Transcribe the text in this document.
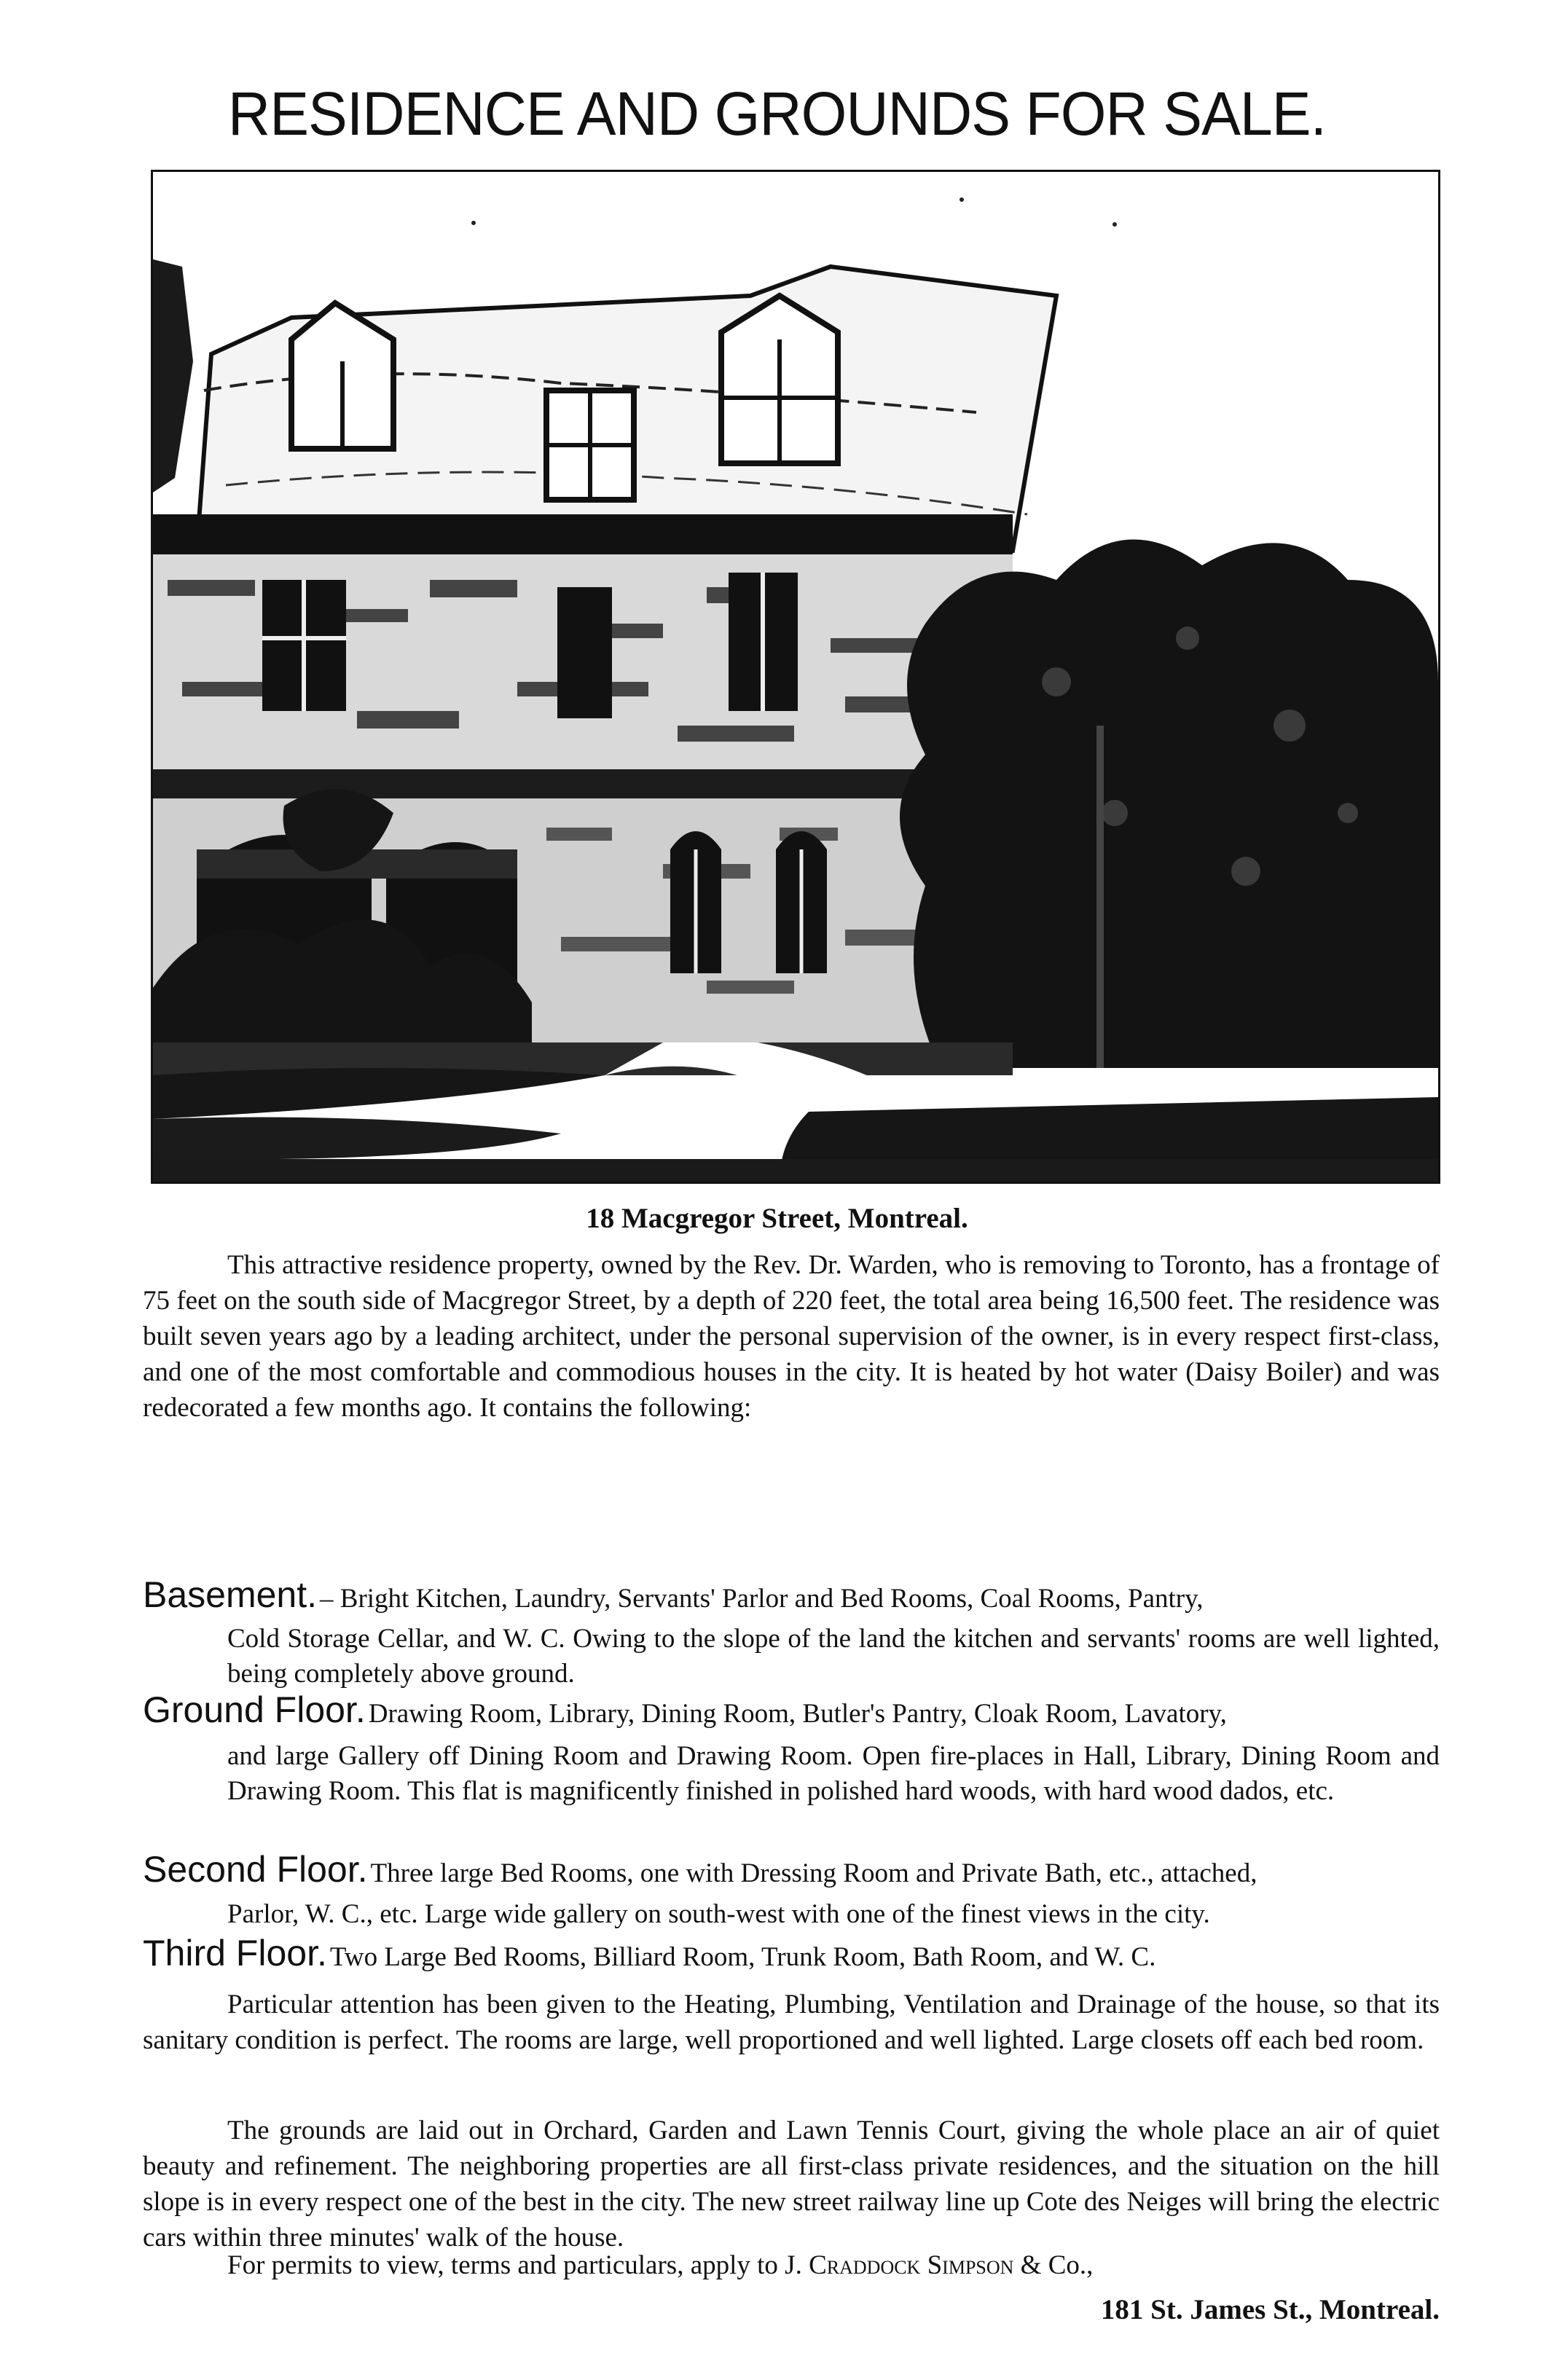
RESIDENCE AND GROUNDS FOR SALE.
18 Macgregor Street, Montreal.
This attractive residence property, owned by the Rev. Dr. Warden, who is removing to Toronto, has a frontage of 75 feet on the south side of Macgregor Street, by a depth of 220 feet, the total area being 16,500 feet. The residence was built seven years ago by a leading architect, under the personal supervision of the owner, is in every respect first-class, and one of the most comfortable and commodious houses in the city. It is heated by hot water (Daisy Boiler) and was redecorated a few months ago. It contains the following:
Basement. – Bright Kitchen, Laundry, Servants' Parlor and Bed Rooms, Coal Rooms, Pantry,
Cold Storage Cellar, and W. C. Owing to the slope of the land the kitchen and servants' rooms are well lighted, being completely above ground.
Ground Floor. Drawing Room, Library, Dining Room, Butler's Pantry, Cloak Room, Lavatory,
and large Gallery off Dining Room and Drawing Room. Open fire-places in Hall, Library, Dining Room and Drawing Room. This flat is magnificently finished in polished hard woods, with hard wood dados, etc.
Second Floor. Three large Bed Rooms, one with Dressing Room and Private Bath, etc., attached,
Parlor, W. C., etc. Large wide gallery on south-west with one of the finest views in the city.
Third Floor. Two Large Bed Rooms, Billiard Room, Trunk Room, Bath Room, and W. C.
Particular attention has been given to the Heating, Plumbing, Ventilation and Drainage of the house, so that its sanitary condition is perfect. The rooms are large, well proportioned and well lighted. Large closets off each bed room.
The grounds are laid out in Orchard, Garden and Lawn Tennis Court, giving the whole place an air of quiet beauty and refinement. The neighboring properties are all first-class private residences, and the situation on the hill slope is in every respect one of the best in the city. The new street railway line up Cote des Neiges will bring the electric cars within three minutes' walk of the house.
For permits to view, terms and particulars, apply to J. Craddock Simpson & Co.,
181 St. James St., Montreal.
